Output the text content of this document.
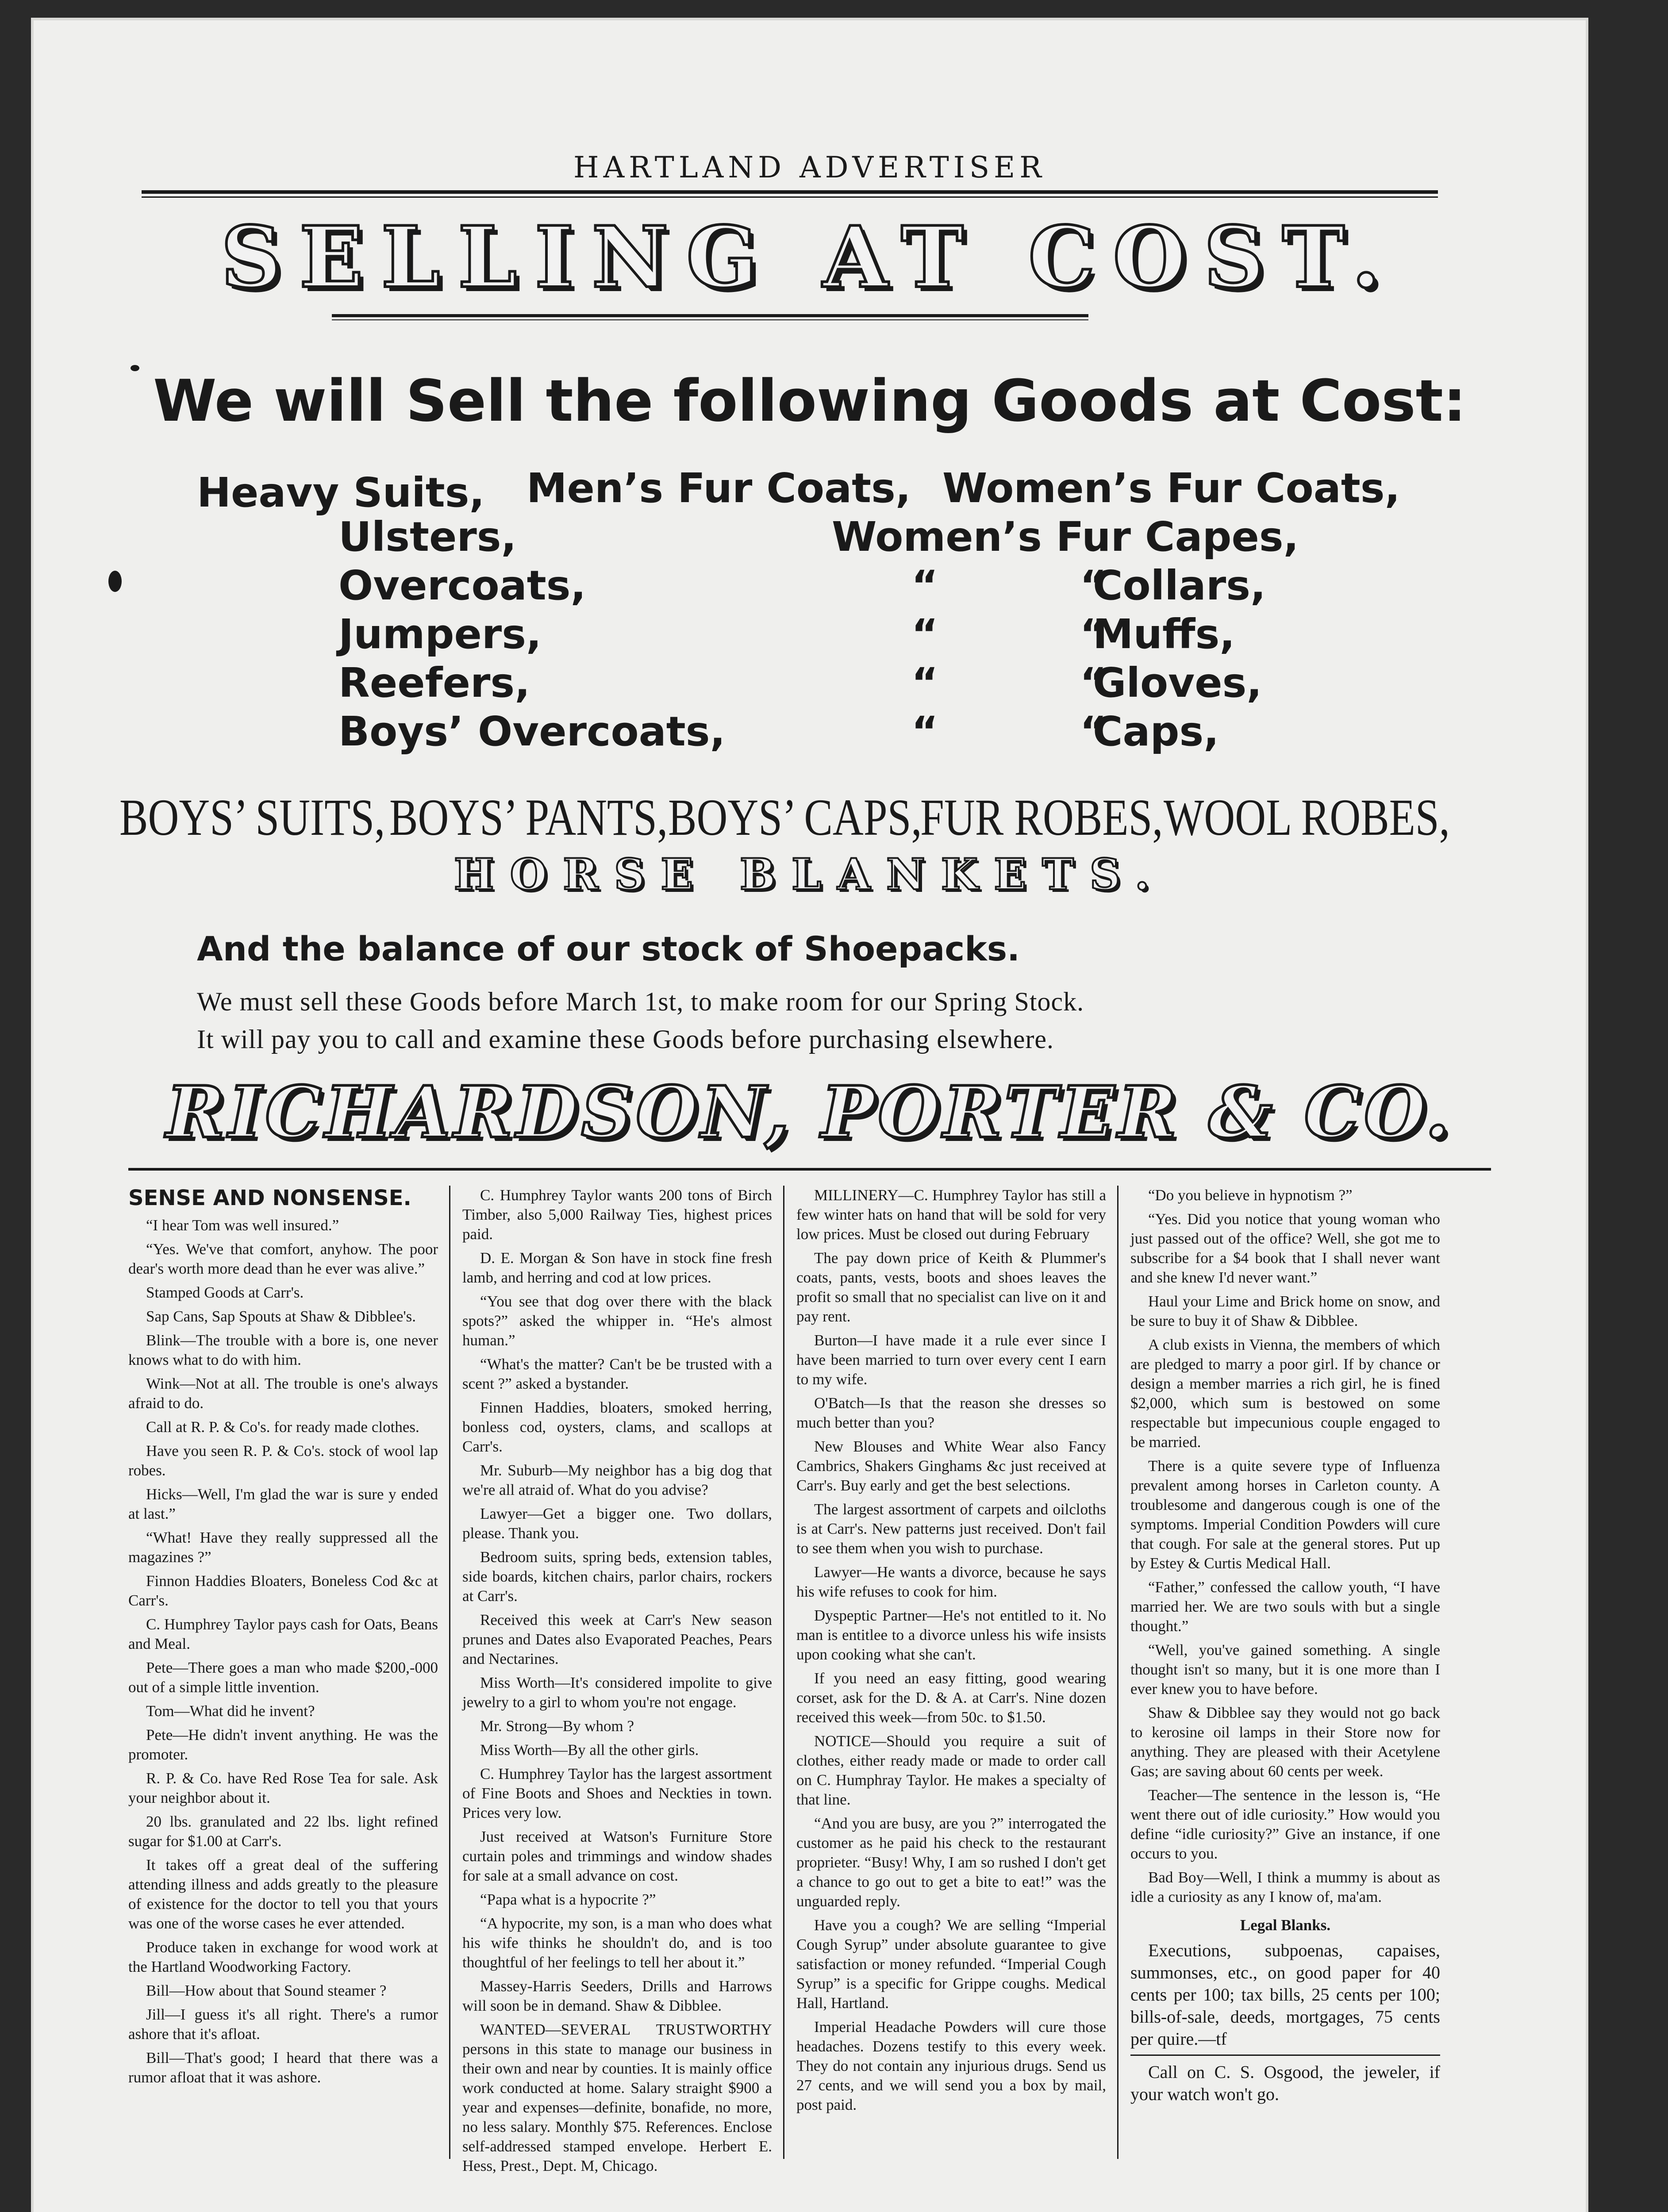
HARTLAND ADVERTISER
SELLING AT COST.
We will Sell the following Goods at Cost:
Heavy Suits, Men’s Fur Coats, Women’s Fur Coats,
Ulsters,
Overcoats,
Jumpers,
Reefers,
Boys’ Overcoats,
Women’s Fur Capes,
“          “
“          “
“          “
“          “
Collars,
Muffs,
Gloves,
Caps,
BOYS’ SUITS, BOYS’ PANTS, BOYS’ CAPS,
FUR ROBES, WOOL ROBES,
HORSE BLANKETS.
And the balance of our stock of Shoepacks.
We must sell these Goods before March 1st, to make room for our Spring Stock.
It will pay you to call and examine these Goods before purchasing elsewhere.
RICHARDSON, PORTER & CO.

SENSE AND NONSENSE.

“I hear Tom was well insured.”

“Yes. We've that comfort, anyhow. The poor dear's worth more dead than he ever was alive.”

Stamped Goods at Carr's.

Sap Cans, Sap Spouts at Shaw & Dibblee's.

Blink—The trouble with a bore is, one never knows what to do with him.

Wink—Not at all. The trouble is one's always afraid to do.

Call at R. P. & Co's. for ready made clothes.

Have you seen R. P. & Co's. stock of wool lap robes.

Hicks—Well, I'm glad the war is sure y ended at last.”

“What! Have they really suppressed all the magazines ?”

Finnon Haddies Bloaters, Boneless Cod &c at Carr's.

C. Humphrey Taylor pays cash for Oats, Beans and Meal.

Pete—There goes a man who made $200,-000 out of a simple little invention.

Tom—What did he invent?

Pete—He didn't invent anything. He was the promoter.

R. P. & Co. have Red Rose Tea for sale. Ask your neighbor about it.

20 lbs. granulated and 22 lbs. light refined sugar for $1.00 at Carr's.

It takes off a great deal of the suffering attending illness and adds greatly to the pleasure of existence for the doctor to tell you that yours was one of the worse cases he ever attended.

Produce taken in exchange for wood work at the Hartland Woodworking Factory.

Bill—How about that Sound steamer ?

Jill—I guess it's all right. There's a rumor ashore that it's afloat.

Bill—That's good; I heard that there was a rumor afloat that it was ashore.

C. Humphrey Taylor wants 200 tons of Birch Timber, also 5,000 Railway Ties, highest prices paid.

D. E. Morgan & Son have in stock fine fresh lamb, and herring and cod at low prices.

“You see that dog over there with the black spots?” asked the whipper in. “He's almost human.”

“What's the matter? Can't be be trusted with a scent ?” asked a bystander.

Finnen Haddies, bloaters, smoked herring, bonless cod, oysters, clams, and scallops at Carr's.

Mr. Suburb—My neighbor has a big dog that we're all atraid of. What do you advise?

Lawyer—Get a bigger one. Two dollars, please. Thank you.

Bedroom suits, spring beds, extension tables, side boards, kitchen chairs, parlor chairs, rockers at Carr's.

Received this week at Carr's New season prunes and Dates also Evaporated Peaches, Pears and Nectarines.

Miss Worth—It's considered impolite to give jewelry to a girl to whom you're not engage.

Mr. Strong—By whom ?

Miss Worth—By all the other girls.

C. Humphrey Taylor has the largest assortment of Fine Boots and Shoes and Neckties in town. Prices very low.

Just received at Watson's Furniture Store curtain poles and trimmings and window shades for sale at a small advance on cost.

“Papa what is a hypocrite ?”

“A hypocrite, my son, is a man who does what his wife thinks he shouldn't do, and is too thoughtful of her feelings to tell her about it.”

Massey-Harris Seeders, Drills and Harrows will soon be in demand. Shaw & Dibblee.

WANTED—SEVERAL TRUSTWORTHY persons in this state to manage our business in their own and near by counties. It is mainly office work conducted at home. Salary straight $900 a year and expenses—definite, bonafide, no more, no less salary. Monthly $75. References. Enclose self-addressed stamped envelope. Herbert E. Hess, Prest., Dept. M, Chicago.

MILLINERY—C. Humphrey Taylor has still a few winter hats on hand that will be sold for very low prices. Must be closed out during February

The pay down price of Keith & Plummer's coats, pants, vests, boots and shoes leaves the profit so small that no specialist can live on it and pay rent.

Burton—I have made it a rule ever since I have been married to turn over every cent I earn to my wife.

O'Batch—Is that the reason she dresses so much better than you?

New Blouses and White Wear also Fancy Cambrics, Shakers Ginghams &c just received at Carr's. Buy early and get the best selections.

The largest assortment of carpets and oilcloths is at Carr's. New patterns just received. Don't fail to see them when you wish to purchase.

Lawyer—He wants a divorce, because he says his wife refuses to cook for him.

Dyspeptic Partner—He's not entitled to it. No man is entitlee to a divorce unless his wife insists upon cooking what she can't.

If you need an easy fitting, good wearing corset, ask for the D. & A. at Carr's. Nine dozen received this week—from 50c. to $1.50.

NOTICE—Should you require a suit of clothes, either ready made or made to order call on C. Humphray Taylor. He makes a specialty of that line.

“And you are busy, are you ?” interrogated the customer as he paid his check to the restaurant proprieter. “Busy! Why, I am so rushed I don't get a chance to go out to get a bite to eat!” was the unguarded reply.

Have you a cough? We are selling “Imperial Cough Syrup” under absolute guarantee to give satisfaction or money refunded. “Imperial Cough Syrup” is a specific for Grippe coughs. Medical Hall, Hartland.

Imperial Headache Powders will cure those headaches. Dozens testify to this every week. They do not contain any injurious drugs. Send us 27 cents, and we will send you a box by mail, post paid.

“Do you believe in hypnotism ?”

“Yes. Did you notice that young woman who just passed out of the office? Well, she got me to subscribe for a $4 book that I shall never want and she knew I'd never want.”

Haul your Lime and Brick home on snow, and be sure to buy it of Shaw & Dibblee.

A club exists in Vienna, the members of which are pledged to marry a poor girl. If by chance or design a member marries a rich girl, he is fined $2,000, which sum is bestowed on some respectable but impecunious couple engaged to be married.

There is a quite severe type of Influenza prevalent among horses in Carleton county. A troublesome and dangerous cough is one of the symptoms. Imperial Condition Powders will cure that cough. For sale at the general stores. Put up by Estey & Curtis Medical Hall.

“Father,” confessed the callow youth, “I have married her. We are two souls with but a single thought.”

“Well, you've gained something. A single thought isn't so many, but it is one more than I ever knew you to have before.

Shaw & Dibblee say they would not go back to kerosine oil lamps in their Store now for anything. They are pleased with their Acetylene Gas; are saving about 60 cents per week.

Teacher—The sentence in the lesson is, “He went there out of idle curiosity.” How would you define “idle curiosity?” Give an instance, if one occurs to you.

Bad Boy—Well, I think a mummy is about as idle a curiosity as any I know of, ma'am.

Legal Blanks.

Executions, subpoenas, capaises, summonses, etc., on good paper for 40 cents per 100; tax bills, 25 cents per 100; bills-of-sale, deeds, mortgages, 75 cents per quire.—tf

Call on C. S. Osgood, the jeweler, if your watch won't go.
